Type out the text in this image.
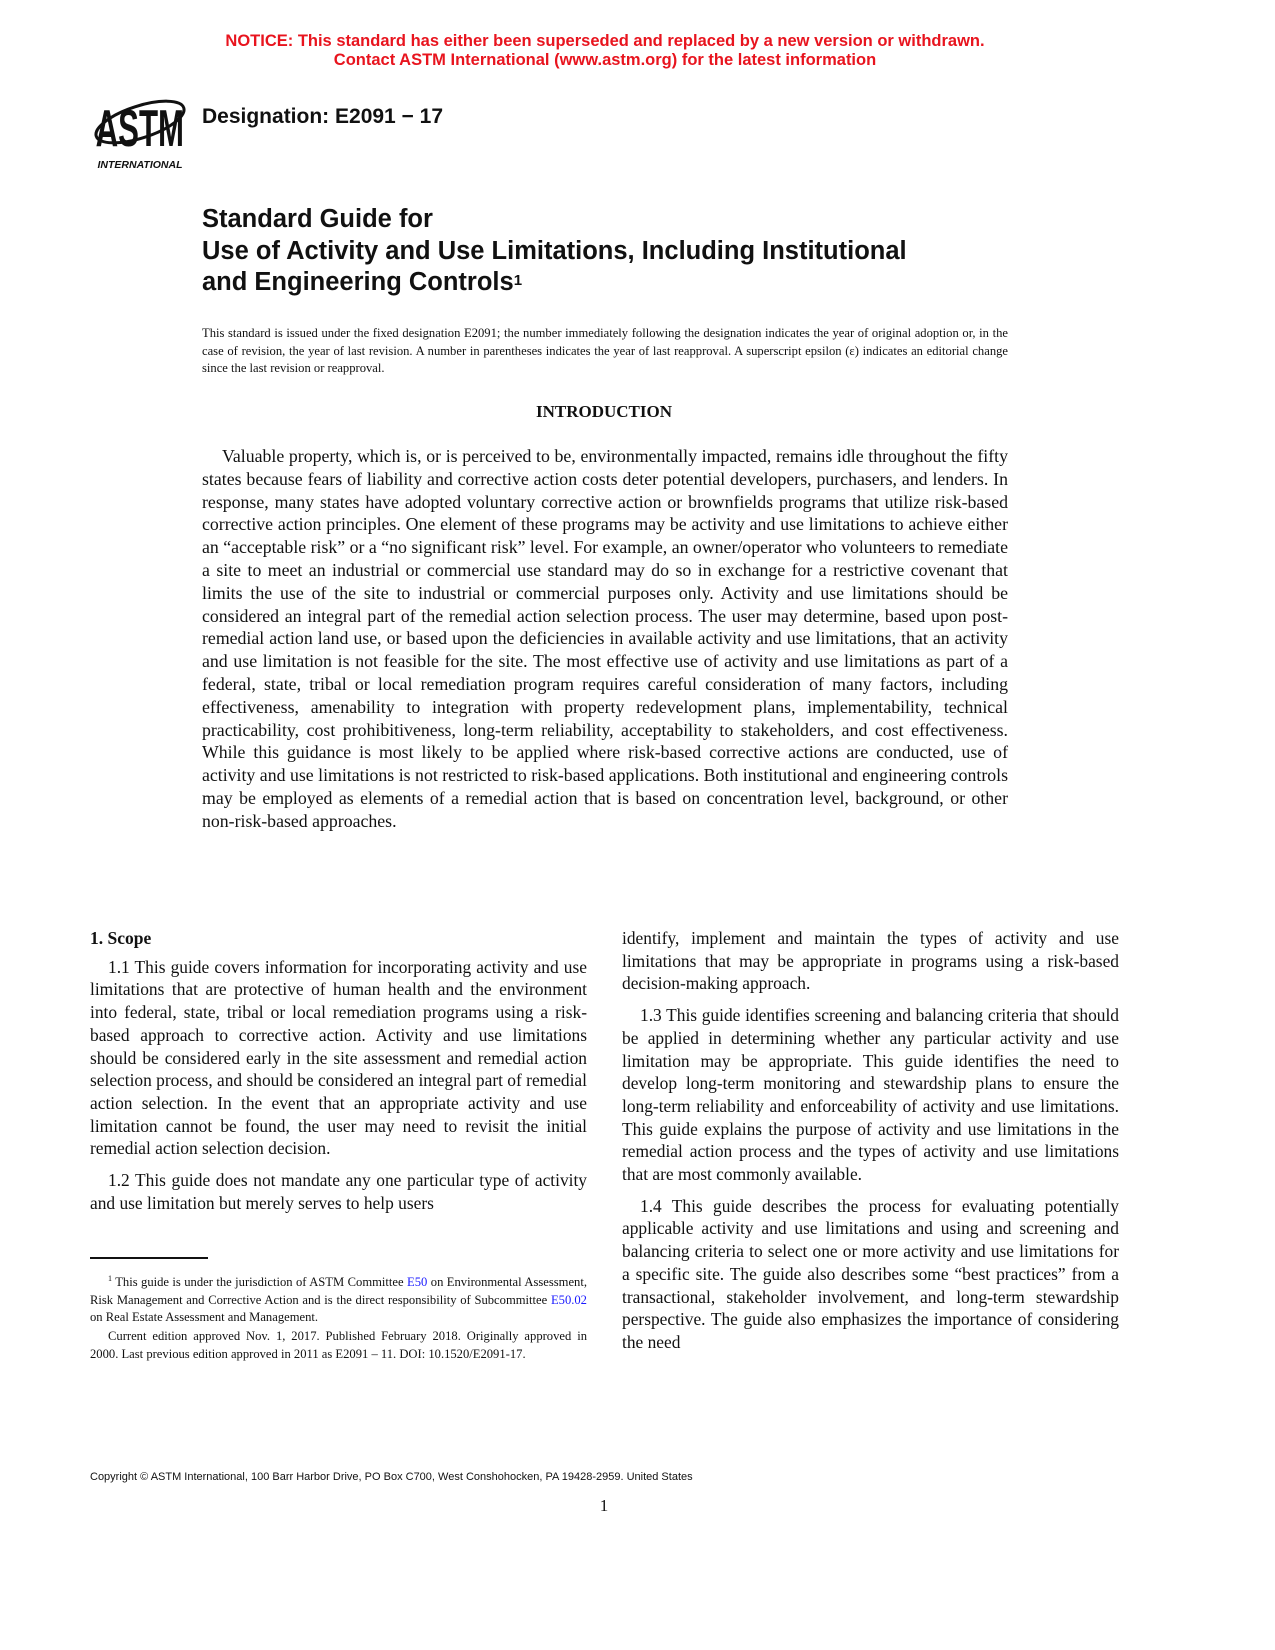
NOTICE: This standard has either been superseded and replaced by a new version or withdrawn.
Contact ASTM International (www.astm.org) for the latest information
ASTM
INTERNATIONAL
Designation: E2091 − 17
Standard Guide for
Use of Activity and Use Limitations, Including Institutional
and Engineering Controls$^1$
This standard is issued under the fixed designation E2091; the number immediately following the designation indicates the year of original adoption or, in the case of revision, the year of last revision. A number in parentheses indicates the year of last reapproval. A superscript epsilon (ε) indicates an editorial change since the last revision or reapproval.
INTRODUCTION

Valuable property, which is, or is perceived to be, environmentally impacted, remains idle throughout the fifty states because fears of liability and corrective action costs deter potential developers, purchasers, and lenders. In response, many states have adopted voluntary corrective action or brownfields programs that utilize risk-based corrective action principles. One element of these programs may be activity and use limitations to achieve either an “acceptable risk” or a “no significant risk” level. For example, an owner/operator who volunteers to remediate a site to meet an industrial or commercial use standard may do so in exchange for a restrictive covenant that limits the use of the site to industrial or commercial purposes only. Activity and use limitations should be considered an integral part of the remedial action selection process. The user may determine, based upon post-remedial action land use, or based upon the deficiencies in available activity and use limitations, that an activity and use limitation is not feasible for the site. The most effective use of activity and use limitations as part of a federal, state, tribal or local remediation program requires careful consideration of many factors, including effectiveness, amenability to integration with property redevelopment plans, implementability, technical practicability, cost prohibitiveness, long-term reliability, acceptability to stakeholders, and cost effectiveness. While this guidance is most likely to be applied where risk-based corrective actions are conducted, use of activity and use limitations is not restricted to risk-based applications. Both institutional and engineering controls may be employed as elements of a remedial action that is based on concentration level, background, or other non-risk-based approaches.

1. Scope

1.1 This guide covers information for incorporating activity and use limitations that are protective of human health and the environment into federal, state, tribal or local remediation programs using a risk-based approach to corrective action. Activity and use limitations should be considered early in the site assessment and remedial action selection process, and should be considered an integral part of remedial action selection. In the event that an appropriate activity and use limitation cannot be found, the user may need to revisit the initial remedial action selection decision.

1.2 This guide does not mandate any one particular type of activity and use limitation but merely serves to help users

identify, implement and maintain the types of activity and use limitations that may be appropriate in programs using a risk-based decision-making approach.

1.3 This guide identifies screening and balancing criteria that should be applied in determining whether any particular activity and use limitation may be appropriate. This guide identifies the need to develop long-term monitoring and stewardship plans to ensure the long-term reliability and enforceability of activity and use limitations. This guide explains the purpose of activity and use limitations in the remedial action process and the types of activity and use limitations that are most commonly available.

1.4 This guide describes the process for evaluating potentially applicable activity and use limitations and using and screening and balancing criteria to select one or more activity and use limitations for a specific site. The guide also describes some “best practices” from a transactional, stakeholder involvement, and long-term stewardship perspective. The guide also emphasizes the importance of considering the need

$^1$ This guide is under the jurisdiction of ASTM Committee E50 on Environmental Assessment, Risk Management and Corrective Action and is the direct responsibility of Subcommittee E50.02 on Real Estate Assessment and Management.

Current edition approved Nov. 1, 2017. Published February 2018. Originally approved in 2000. Last previous edition approved in 2011 as E2091 – 11. DOI: 10.1520/E2091-17.

Copyright © ASTM International, 100 Barr Harbor Drive, PO Box C700, West Conshohocken, PA 19428-2959. United States
1
